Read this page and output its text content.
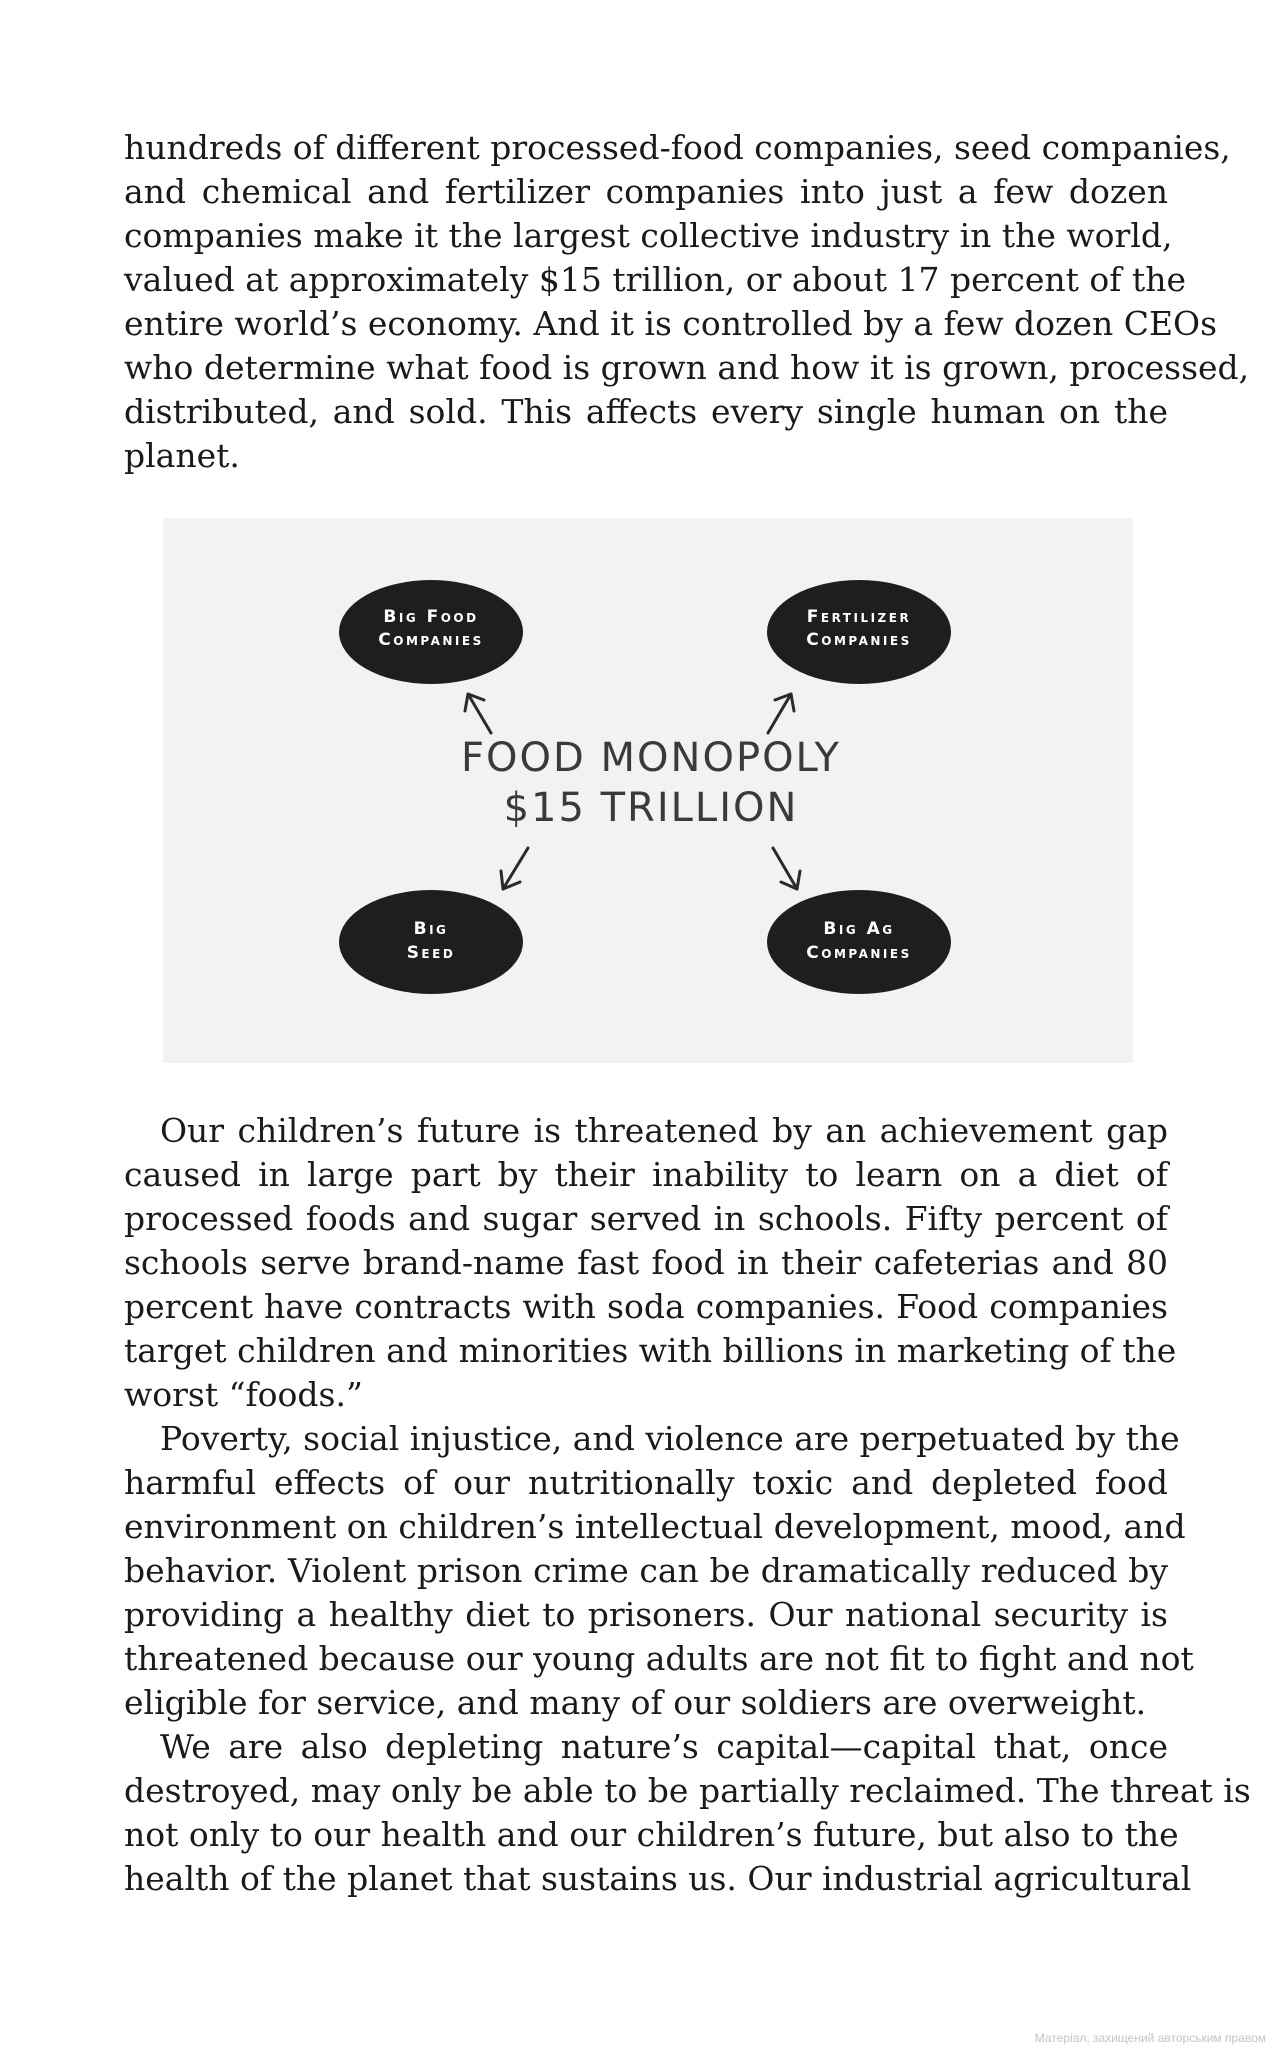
hundreds of different processed-food companies, seed companies,
and chemical and fertilizer companies into just a few dozen
companies make it the largest collective industry in the world,
valued at approximately $15 trillion, or about 17 percent of the
entire world’s economy. And it is controlled by a few dozen CEOs
who determine what food is grown and how it is grown, processed,
distributed, and sold. This affects every single human on the
planet.
Big Food
Companies
Fertilizer
Companies
Big
Seed
Big Ag
Companies
FOOD MONOPOLY
$15 TRILLION
Our children’s future is threatened by an achievement gap
caused in large part by their inability to learn on a diet of
processed foods and sugar served in schools. Fifty percent of
schools serve brand-name fast food in their cafeterias and 80
percent have contracts with soda companies. Food companies
target children and minorities with billions in marketing of the
worst “foods.”
Poverty, social injustice, and violence are perpetuated by the
harmful effects of our nutritionally toxic and depleted food
environment on children’s intellectual development, mood, and
behavior. Violent prison crime can be dramatically reduced by
providing a healthy diet to prisoners. Our national security is
threatened because our young adults are not fit to fight and not
eligible for service, and many of our soldiers are overweight.
We are also depleting nature’s capital—capital that, once
destroyed, may only be able to be partially reclaimed. The threat is
not only to our health and our children’s future, but also to the
health of the planet that sustains us. Our industrial agricultural
Матеріал, захищений авторським правом
